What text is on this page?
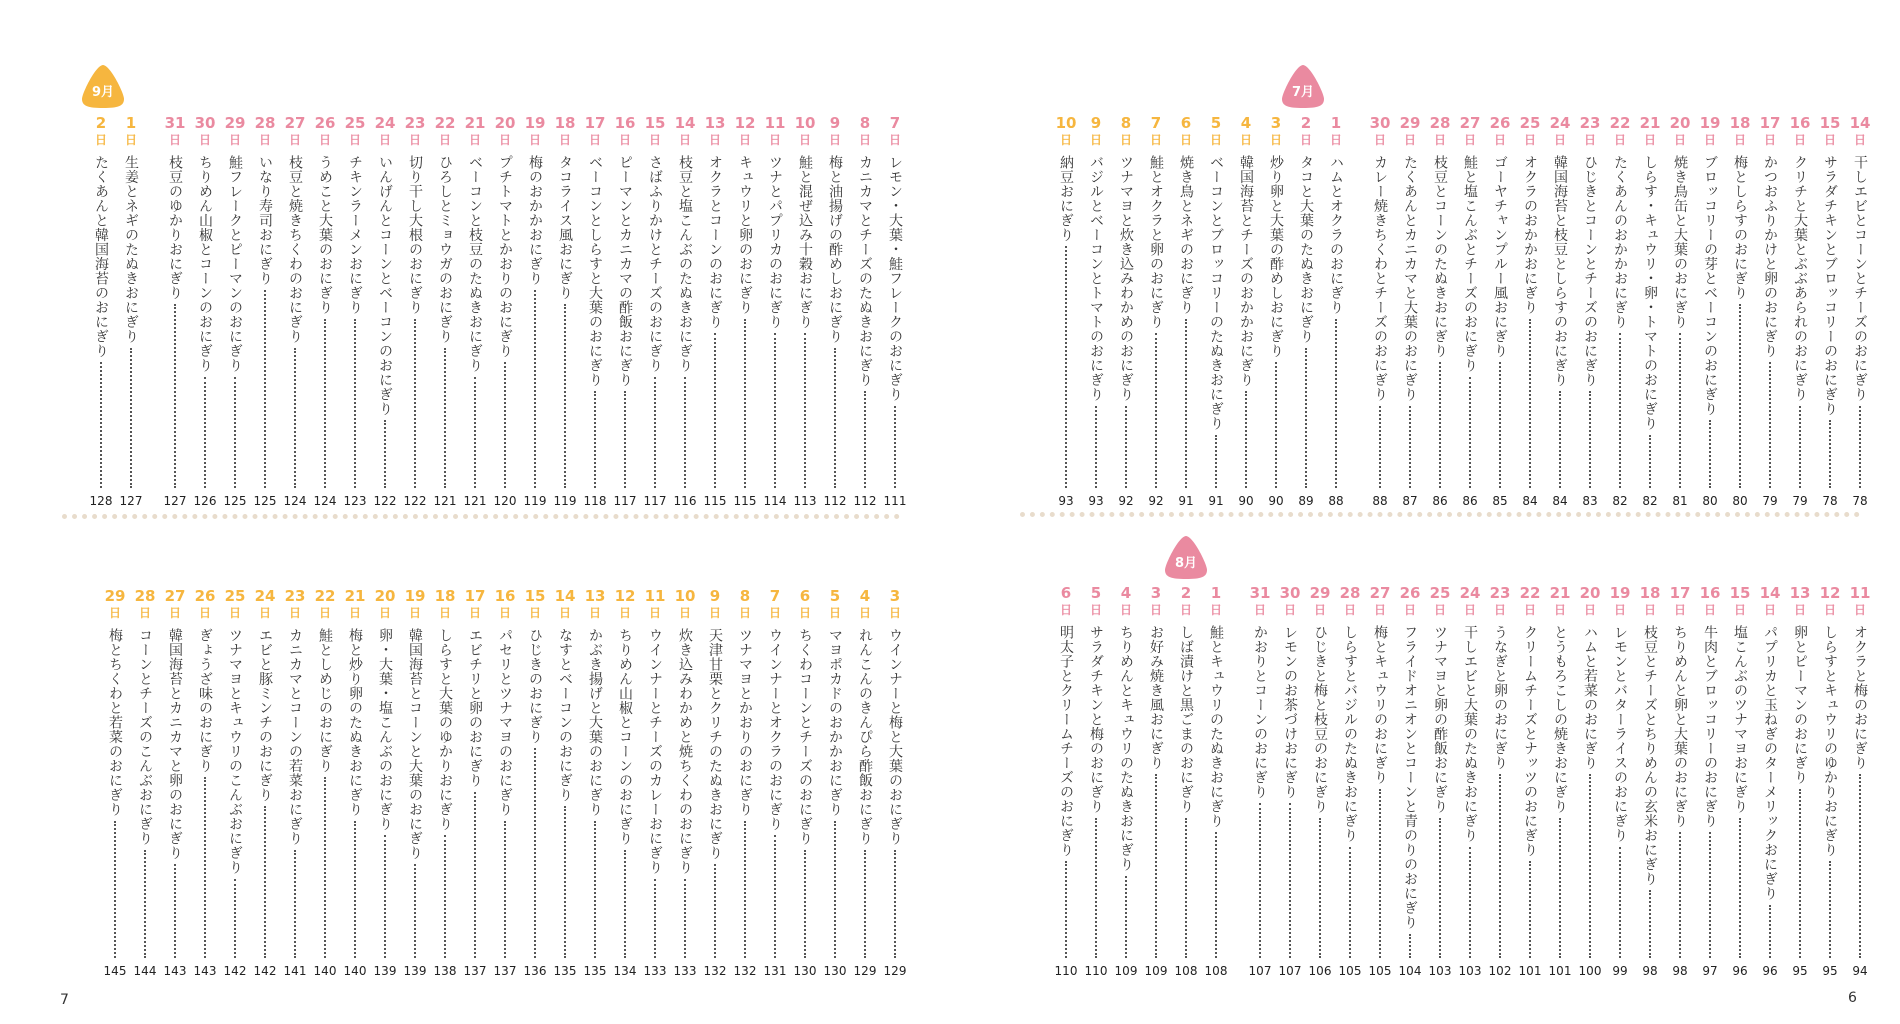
9月
7
日
レモン・大葉・鮭フレークのおにぎり
111
8
日
カニカマとチーズのたぬきおにぎり
112
9
日
梅と油揚げの酢めしおにぎり
112
10
日
鮭と混ぜ込み十穀おにぎり
113
11
日
ツナとパプリカのおにぎり
114
12
日
キュウリと卵のおにぎり
115
13
日
オクラとコーンのおにぎり
115
14
日
枝豆と塩こんぶのたぬきおにぎり
116
15
日
さばふりかけとチーズのおにぎり
117
16
日
ピーマンとカニカマの酢飯おにぎり
117
17
日
ベーコンとしらすと大葉のおにぎり
118
18
日
タコライス風おにぎり
119
19
日
梅のおかかおにぎり
119
20
日
プチトマトとかおりのおにぎり
120
21
日
ベーコンと枝豆のたぬきおにぎり
121
22
日
ひろしとミョウガのおにぎり
121
23
日
切り干し大根のおにぎり
122
24
日
いんげんとコーンとベーコンのおにぎり
122
25
日
チキンラーメンおにぎり
123
26
日
うめこと大葉のおにぎり
124
27
日
枝豆と焼きちくわのおにぎり
124
28
日
いなり寿司おにぎり
125
29
日
鮭フレークとピーマンのおにぎり
125
30
日
ちりめん山椒とコーンのおにぎり
126
31
日
枝豆のゆかりおにぎり
127
1
日
生姜とネギのたぬきおにぎり
127
2
日
たくあんと韓国海苔のおにぎり
128
3
日
ウインナーと梅と大葉のおにぎり
129
4
日
れんこんのきんぴら酢飯おにぎり
129
5
日
マヨポカドのおかかおにぎり
130
6
日
ちくわコーンとチーズのおにぎり
130
7
日
ウインナーとオクラのおにぎり
131
8
日
ツナマヨとかおりのおにぎり
132
9
日
天津甘栗とクリチのたぬきおにぎり
132
10
日
炊き込みわかめと焼ちくわのおにぎり
133
11
日
ウインナーとチーズのカレーおにぎり
133
12
日
ちりめん山椒とコーンのおにぎり
134
13
日
かぶき揚げと大葉のおにぎり
135
14
日
なすとベーコンのおにぎり
135
15
日
ひじきのおにぎり
136
16
日
パセリとツナマヨのおにぎり
137
17
日
エビチリと卵のおにぎり
137
18
日
しらすと大葉のゆかりおにぎり
138
19
日
韓国海苔とコーンと大葉のおにぎり
139
20
日
卵・大葉・塩こんぶのおにぎり
139
21
日
梅と炒り卵のたぬきおにぎり
140
22
日
鮭としめじのおにぎり
140
23
日
カニカマとコーンの若菜おにぎり
141
24
日
エビと豚ミンチのおにぎり
142
25
日
ツナマヨとキュウリのこんぶおにぎり
142
26
日
ぎょうざ味のおにぎり
143
27
日
韓国海苔とカニカマと卵のおにぎり
143
28
日
コーンとチーズのこんぶおにぎり
144
29
日
梅とちくわと若菜のおにぎり
145
7月
14
日
干しエビとコーンとチーズのおにぎり
78
15
日
サラダチキンとブロッコリーのおにぎり
78
16
日
クリチと大葉とぶぶあられのおにぎり
79
17
日
かつおふりかけと卵のおにぎり
79
18
日
梅としらすのおにぎり
80
19
日
ブロッコリーの芽とベーコンのおにぎり
80
20
日
焼き鳥缶と大葉のおにぎり
81
21
日
しらす・キュウリ・卵・トマトのおにぎり
82
22
日
たくあんのおかかおにぎり
82
23
日
ひじきとコーンとチーズのおにぎり
83
24
日
韓国海苔と枝豆としらすのおにぎり
84
25
日
オクラのおかかおにぎり
84
26
日
ゴーヤチャンプルー風おにぎり
85
27
日
鮭と塩こんぶとチーズのおにぎり
86
28
日
枝豆とコーンのたぬきおにぎり
86
29
日
たくあんとカニカマと大葉のおにぎり
87
30
日
カレー焼きちくわとチーズのおにぎり
88
1
日
ハムとオクラのおにぎり
88
2
日
タコと大葉のたぬきおにぎり
89
3
日
炒り卵と大葉の酢めしおにぎり
90
4
日
韓国海苔とチーズのおかかおにぎり
90
5
日
ベーコンとブロッコリーのたぬきおにぎり
91
6
日
焼き鳥とネギのおにぎり
91
7
日
鮭とオクラと卵のおにぎり
92
8
日
ツナマヨと炊き込みわかめのおにぎり
92
9
日
バジルとベーコンとトマトのおにぎり
93
10
日
納豆おにぎり
93
8月
11
日
オクラと梅のおにぎり
94
12
日
しらすとキュウリのゆかりおにぎり
95
13
日
卵とピーマンのおにぎり
95
14
日
パプリカと玉ねぎのターメリックおにぎり
96
15
日
塩こんぶのツナマヨおにぎり
96
16
日
牛肉とブロッコリーのおにぎり
97
17
日
ちりめんと卵と大葉のおにぎり
98
18
日
枝豆とチーズとちりめんの玄米おにぎり
98
19
日
レモンとバターライスのおにぎり
99
20
日
ハムと若菜のおにぎり
100
21
日
とうもろこしの焼きおにぎり
101
22
日
クリームチーズとナッツのおにぎり
101
23
日
うなぎと卵のおにぎり
102
24
日
干しエビと大葉のたぬきおにぎり
103
25
日
ツナマヨと卵の酢飯おにぎり
103
26
日
フライドオニオンとコーンと青のりのおにぎり
104
27
日
梅とキュウリのおにぎり
105
28
日
しらすとバジルのたぬきおにぎり
105
29
日
ひじきと梅と枝豆のおにぎり
106
30
日
レモンのお茶づけおにぎり
107
31
日
かおりとコーンのおにぎり
107
1
日
鮭とキュウリのたぬきおにぎり
108
2
日
しば漬けと黒ごまのおにぎり
108
3
日
お好み焼き風おにぎり
109
4
日
ちりめんとキュウリのたぬきおにぎり
109
5
日
サラダチキンと梅のおにぎり
110
6
日
明太子とクリームチーズのおにぎり
110
7	6
